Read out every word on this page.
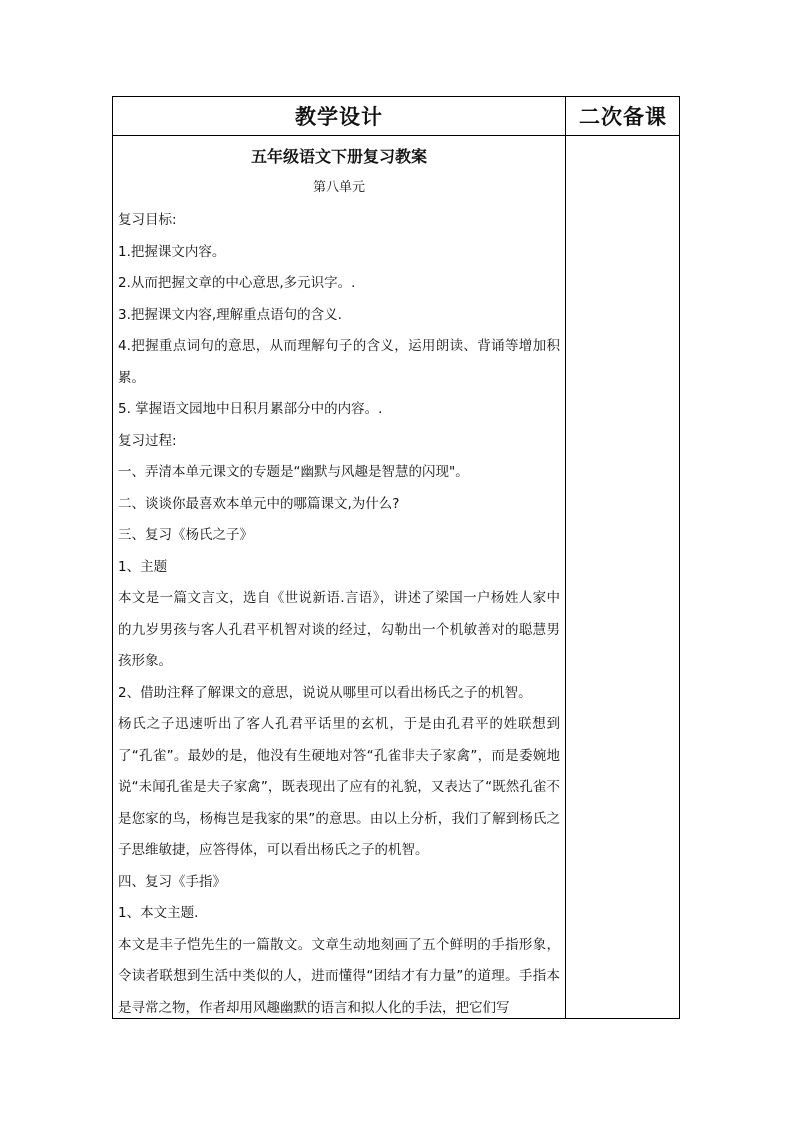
教学设计	二次备课
五年级语文下册复习教案
第八单元
复习目标:
1.把握课文内容。
2.从而把握文章的中心意思,多元识字。.
3.把握课文内容,理解重点语句的含义.
4.把握重点词句的意思，从而理解句子的含义，运用朗读、背诵等增加积累。
5. 掌握语文园地中日积月累部分中的内容。.
复习过程:
一、弄清本单元课文的专题是“幽默与风趣是智慧的闪现"。
二、谈谈你最喜欢本单元中的哪篇课文,为什么?
三、复习《杨氏之子》
1、主题
本文是一篇文言文，选自《世说新语.言语》，讲述了梁国一户杨姓人家中的九岁男孩与客人孔君平机智对谈的经过，勾勒出一个机敏善对的聪慧男孩形象。
2、借助注释了解课文的意思，说说从哪里可以看出杨氏之子的机智。
杨氏之子迅速听出了客人孔君平话里的玄机，于是由孔君平的姓联想到了“孔雀”。最妙的是，他没有生硬地对答“孔雀非夫子家禽”，而是委婉地说“未闻孔雀是夫子家禽”，既表现出了应有的礼貌，又表达了“既然孔雀不是您家的鸟，杨梅岂是我家的果”的意思。由以上分析，我们了解到杨氏之子思维敏捷，应答得体，可以看出杨氏之子的机智。
四、复习《手指》
1、本文主题.
本文是丰子恺先生的一篇散文。文章生动地刻画了五个鲜明的手指形象，令读者联想到生活中类似的人，进而懂得“团结才有力量”的道理。手指本是寻常之物，作者却用风趣幽默的语言和拟人化的手法，把它们写
